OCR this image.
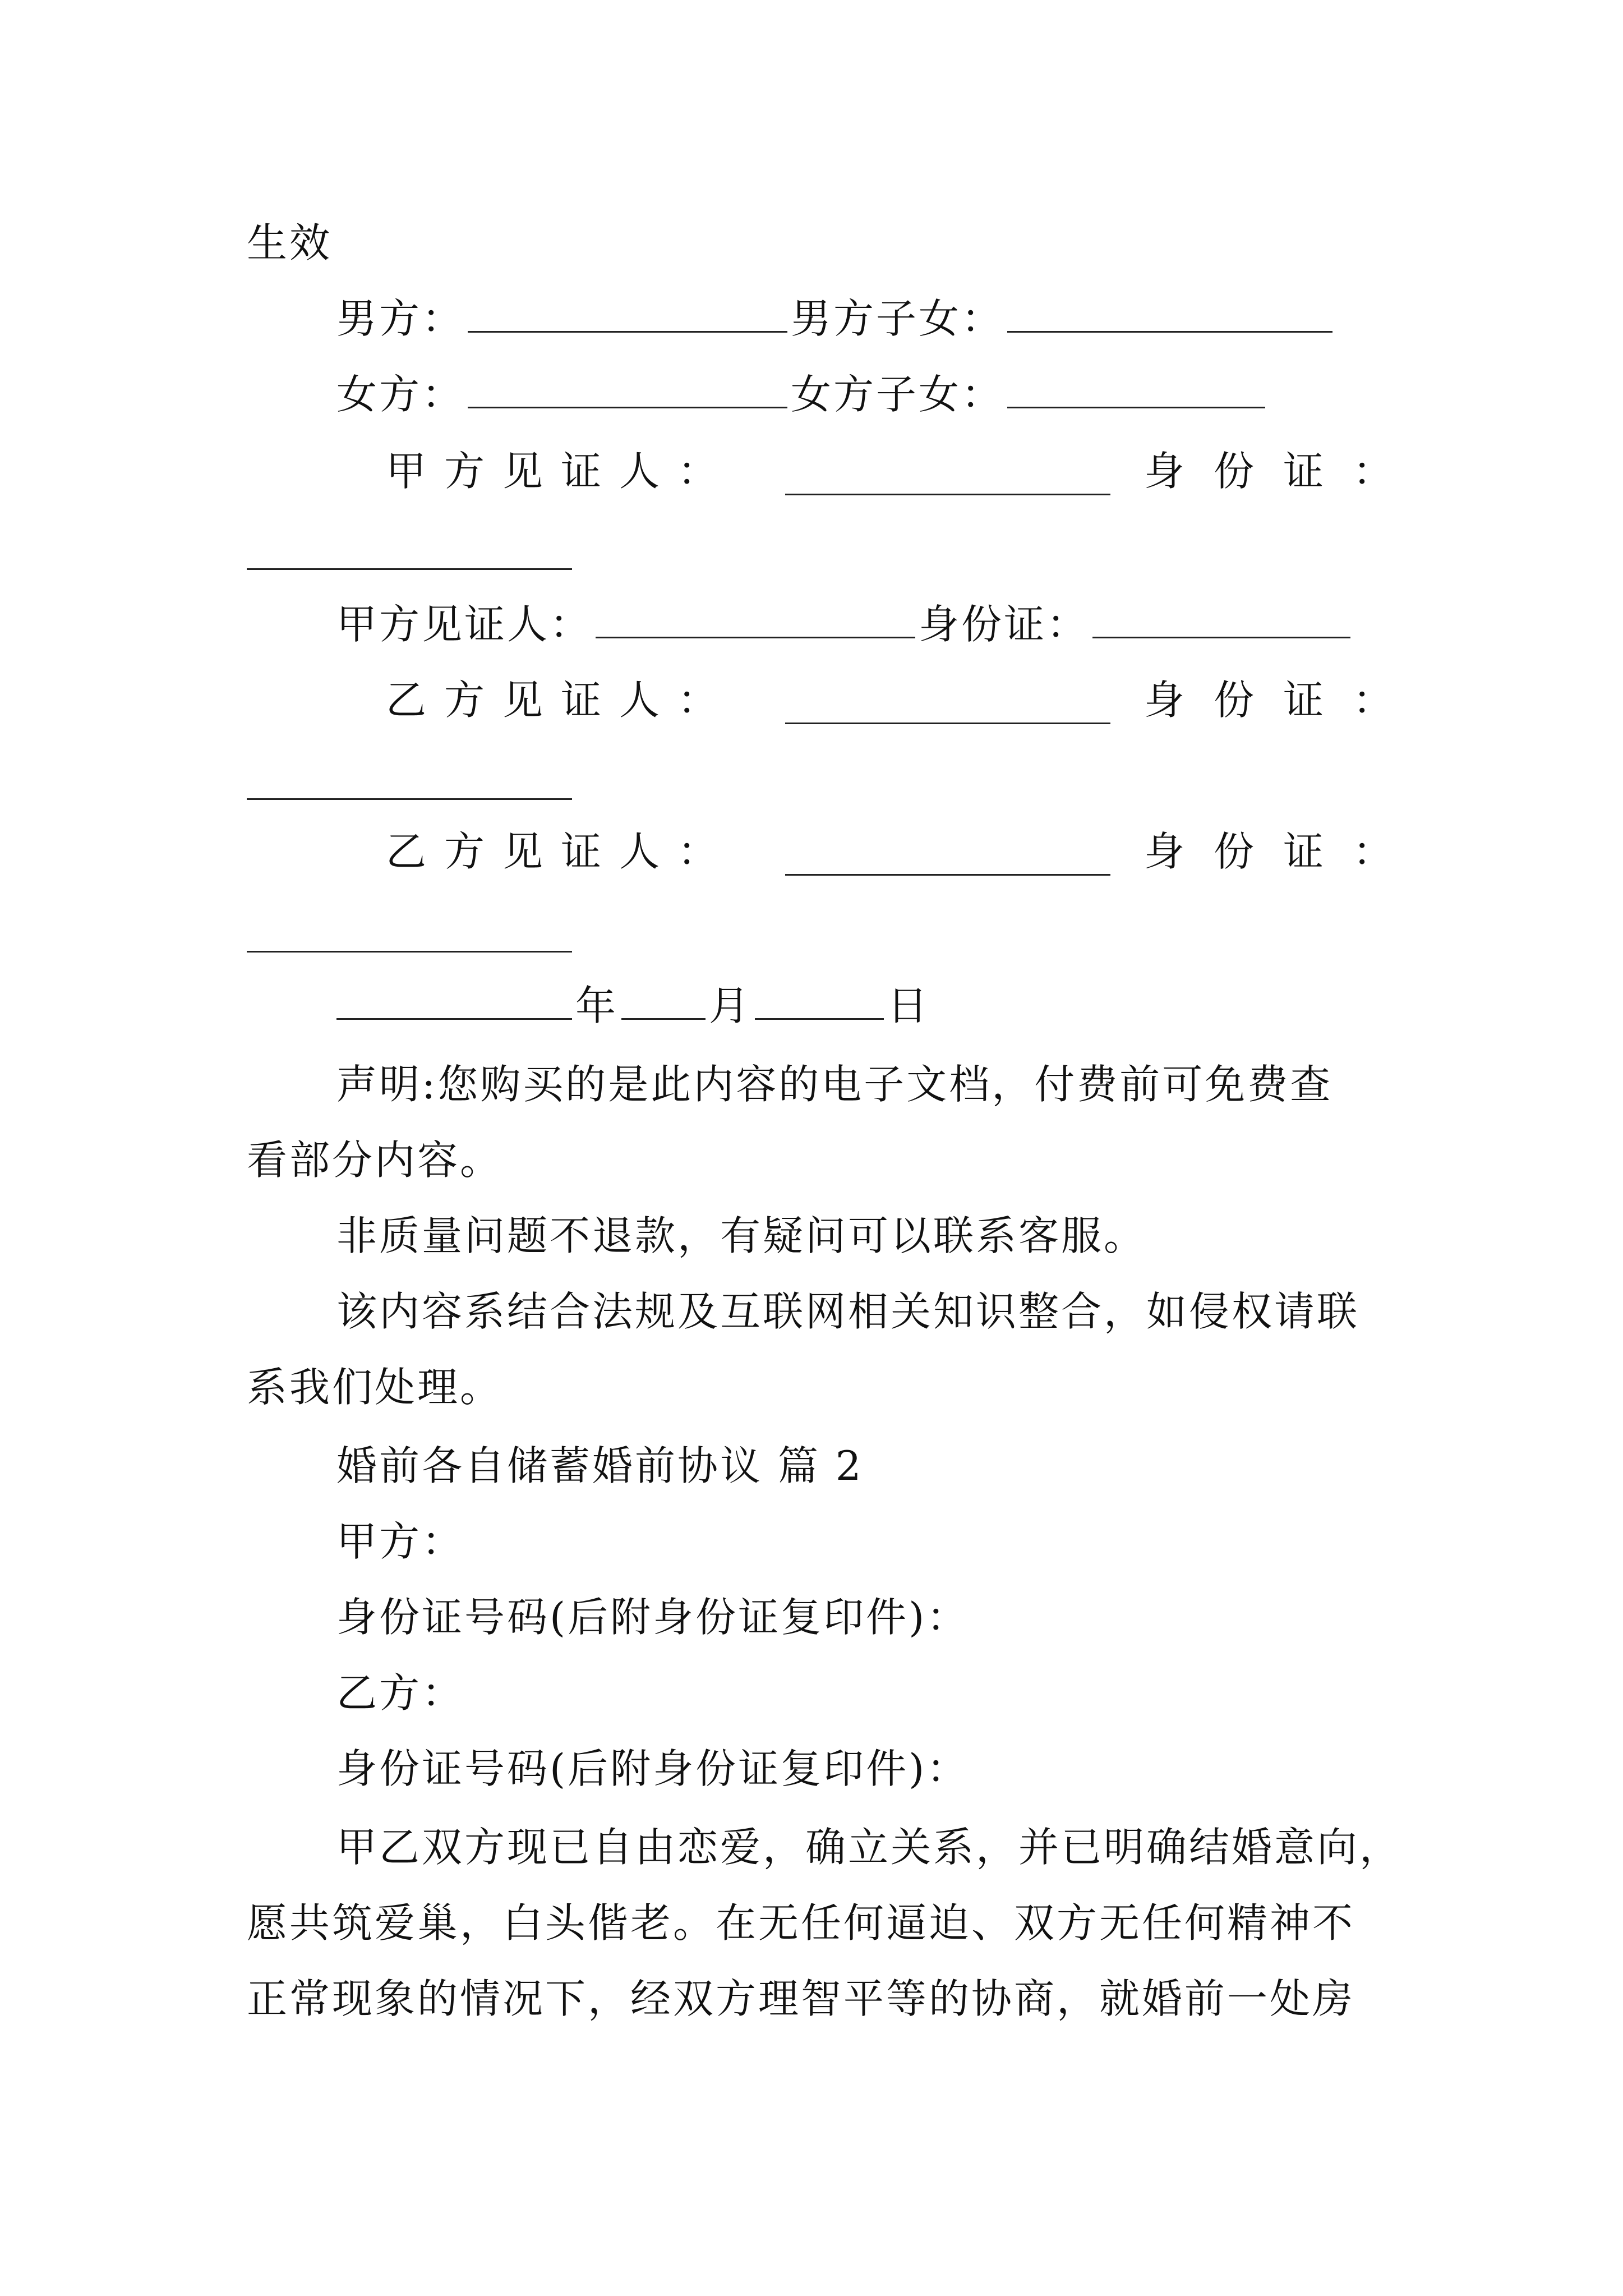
生效
男方：	男方子女：
女方：	女方子女：
甲 方 见 证 人 ：	身 份 证 ：
甲方见证人：	身份证：
乙 方 见 证 人 ：	身 份 证 ：
乙 方 见 证 人 ：	身 份 证 ：
年 月	日
声明:您购买的是此内容的电子文档，付费前可免费查
看部分内容。
非质量问题不退款，有疑问可以联系客服。
该内容系结合法规及互联网相关知识整合，如侵权请联
系我们处理。
婚前各自储蓄婚前协议 篇 2
甲方：
身份证号码(后附身份证复印件)：
乙方：
身份证号码(后附身份证复印件)：
甲乙双方现已自由恋爱，确立关系，并已明确结婚意向，
愿共筑爱巢，白头偕老。在无任何逼迫、双方无任何精神不
正常现象的情况下，经双方理智平等的协商，就婚前一处房
